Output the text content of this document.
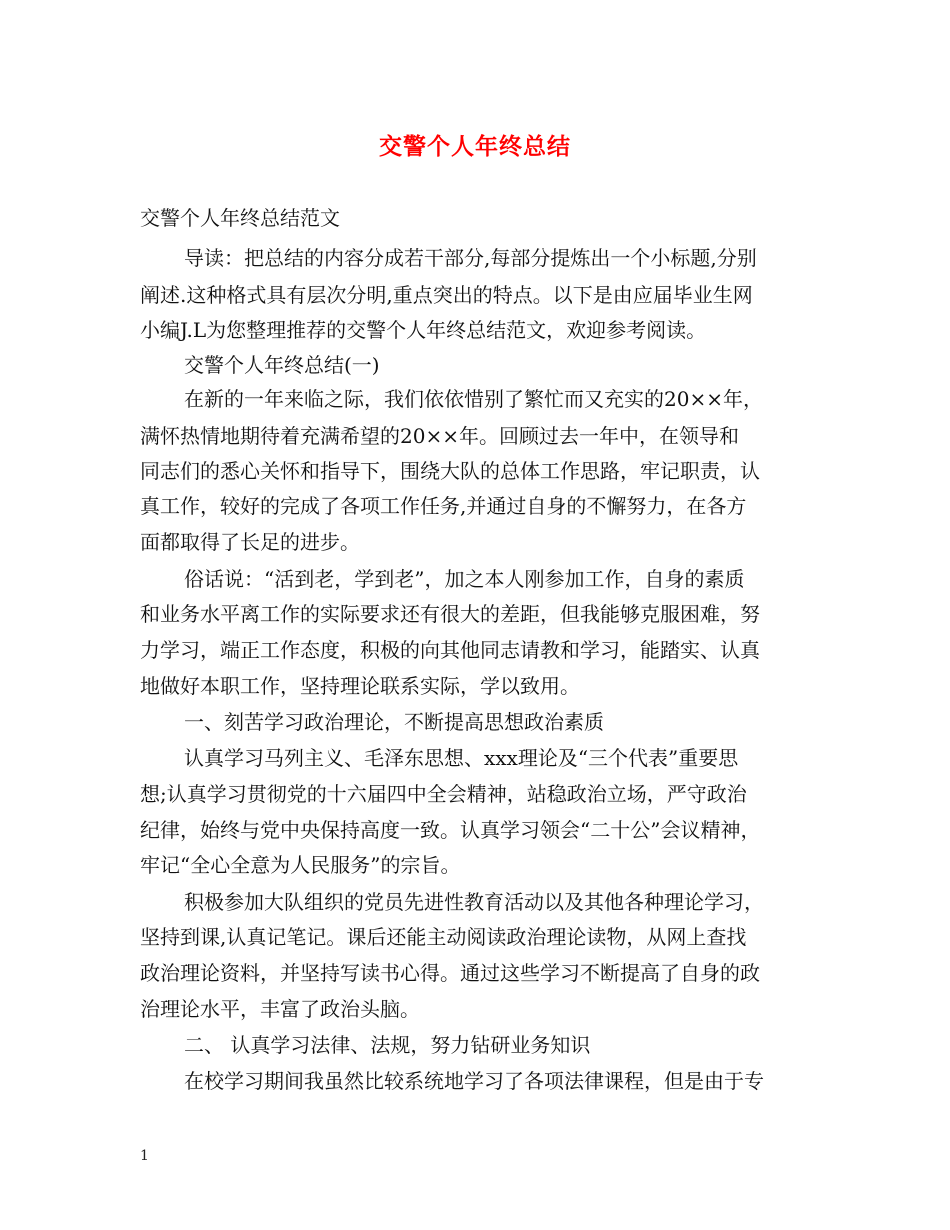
交警个人年终总结
交警个人年终总结范文
导读：把总结的内容分成若干部分,每部分提炼出一个小标题,分别
阐述.这种格式具有层次分明,重点突出的特点。以下是由应届毕业生网
小编J.L为您整理推荐的交警个人年终总结范文，欢迎参考阅读。
交警个人年终总结(一)
在新的一年来临之际，我们依依惜别了繁忙而又充实的20××年，
满怀热情地期待着充满希望的20××年。回顾过去一年中，在领导和
同志们的悉心关怀和指导下，围绕大队的总体工作思路，牢记职责，认
真工作，较好的完成了各项工作任务,并通过自身的不懈努力，在各方
面都取得了长足的进步。
俗话说：“活到老，学到老”，加之本人刚参加工作，自身的素质
和业务水平离工作的实际要求还有很大的差距，但我能够克服困难，努
力学习，端正工作态度，积极的向其他同志请教和学习，能踏实、认真
地做好本职工作，坚持理论联系实际，学以致用。
一、刻苦学习政治理论，不断提高思想政治素质
认真学习马列主义、毛泽东思想、xxx理论及“三个代表”重要思
想;认真学习贯彻党的十六届四中全会精神，站稳政治立场，严守政治
纪律，始终与党中央保持高度一致。认真学习领会“二十公”会议精神，
牢记“全心全意为人民服务”的宗旨。
积极参加大队组织的党员先进性教育活动以及其他各种理论学习，
坚持到课,认真记笔记。课后还能主动阅读政治理论读物，从网上查找
政治理论资料，并坚持写读书心得。通过这些学习不断提高了自身的政
治理论水平，丰富了政治头脑。
二、 认真学习法律、法规，努力钻研业务知识
在校学习期间我虽然比较系统地学习了各项法律课程，但是由于专
1
